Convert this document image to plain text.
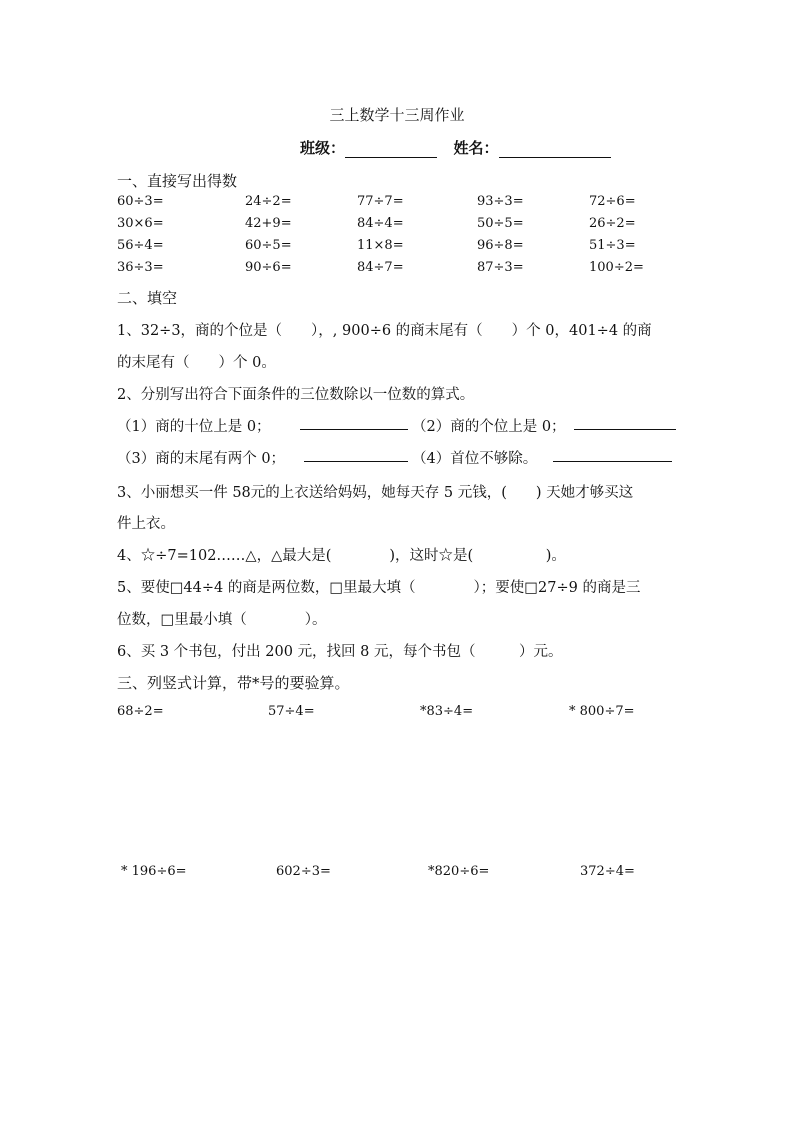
三上数学十三周作业
班级：	姓名：
一、直接写出得数
60÷3=	24÷2=	77÷7=	93÷3=	72÷6=
30×6=	42+9=	84÷4=	50÷5=	26÷2=
56÷4=	60÷5=	11×8=	96÷8=	51÷3=
36÷3=	90÷6=	84÷7=	87÷3=	100÷2=
二、填空
1、32÷3，商的个位是（　　），, 900÷6 的商末尾有（　　）个 0，401÷4 的商
的末尾有（　　）个 0。
2、分别写出符合下面条件的三位数除以一位数的算式。
（1）商的十位上是 0；	（2）商的个位上是 0；
（3）商的末尾有两个 0；	（4）首位不够除。
3、小丽想买一件 58元的上衣送给妈妈，她每天存 5 元钱，(　　) 天她才够买这
件上衣。
4、☆÷7=102……△，△最大是(　　　　)，这时☆是(　　　　　)。
5、要使□44÷4 的商是两位数，□里最大填（　　　　）；要使□27÷9 的商是三
位数，□里最小填（　　　　）。
6、买 3 个书包，付出 200 元，找回 8 元，每个书包（　　　）元。
三、列竖式计算，带*号的要验算。
68÷2=	57÷4=	*83÷4=	* 800÷7=
* 196÷6=	602÷3=	*820÷6=	372÷4=
